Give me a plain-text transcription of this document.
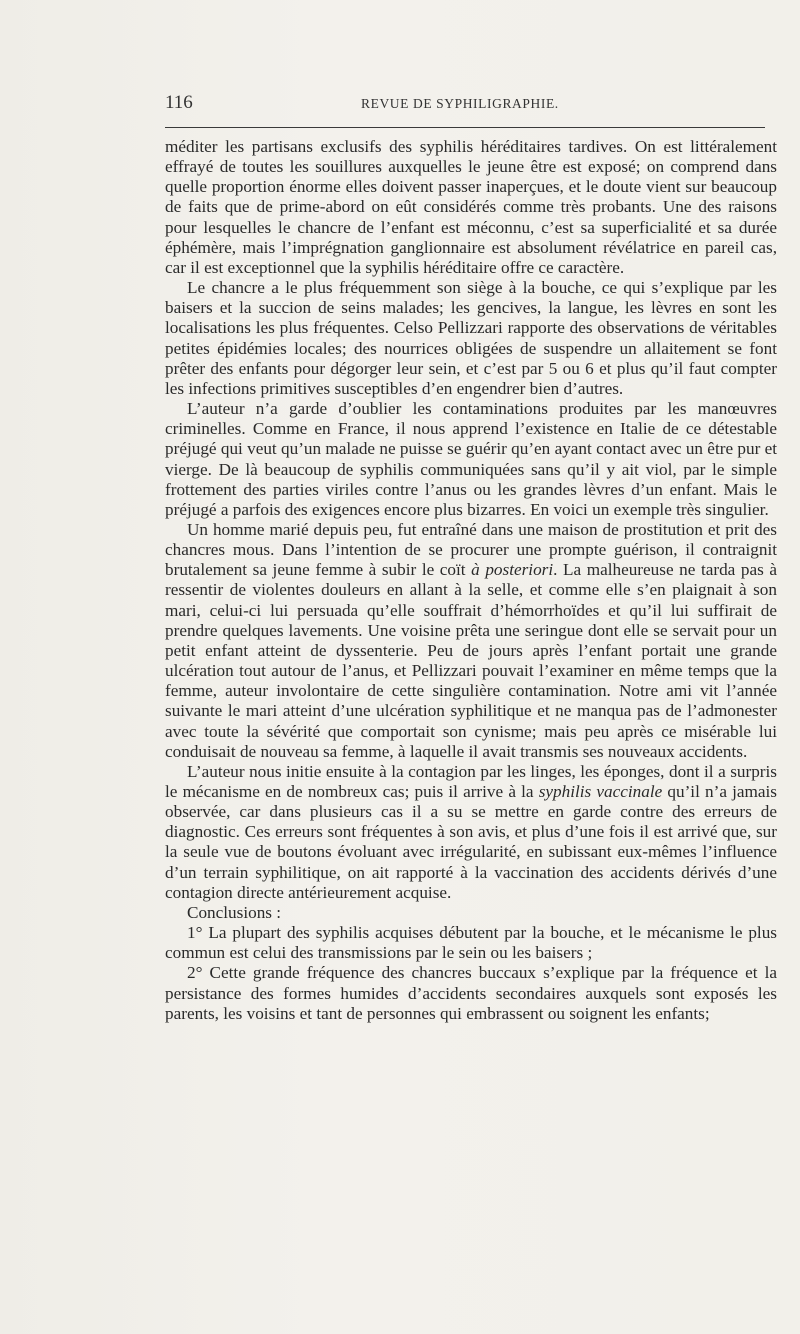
116	REVUE DE SYPHILIGRAPHIE.

méditer les partisans exclusifs des syphilis héréditaires tardives. On est littéralement effrayé de toutes les souillures auxquelles le jeune être est exposé; on comprend dans quelle proportion énorme elles doivent passer inaperçues, et le doute vient sur beaucoup de faits que de prime-abord on eût considérés comme très probants. Une des raisons pour lesquelles le chancre de l’enfant est méconnu, c’est sa superficialité et sa durée éphémère, mais l’imprégnation ganglionnaire est absolument révélatrice en pareil cas, car il est exceptionnel que la syphilis héréditaire offre ce caractère.

Le chancre a le plus fréquemment son siège à la bouche, ce qui s’explique par les baisers et la succion de seins malades; les gencives, la langue, les lèvres en sont les localisations les plus fréquentes. Celso Pellizzari rapporte des observations de véritables petites épidémies locales; des nourrices obligées de suspendre un allaitement se font prêter des enfants pour dégorger leur sein, et c’est par 5 ou 6 et plus qu’il faut compter les infections primitives susceptibles d’en engendrer bien d’autres.

L’auteur n’a garde d’oublier les contaminations produites par les manœuvres criminelles. Comme en France, il nous apprend l’existence en Italie de ce détestable préjugé qui veut qu’un malade ne puisse se guérir qu’en ayant contact avec un être pur et vierge. De là beaucoup de syphilis communiquées sans qu’il y ait viol, par le simple frottement des parties viriles contre l’anus ou les grandes lèvres d’un enfant. Mais le préjugé a parfois des exigences encore plus bizarres. En voici un exemple très singulier.

Un homme marié depuis peu, fut entraîné dans une maison de prostitution et prit des chancres mous. Dans l’intention de se procurer une prompte guérison, il contraignit brutalement sa jeune femme à subir le coït à posteriori. La malheureuse ne tarda pas à ressentir de violentes douleurs en allant à la selle, et comme elle s’en plaignait à son mari, celui-ci lui persuada qu’elle souffrait d’hémorrhoïdes et qu’il lui suffirait de prendre quelques lavements. Une voisine prêta une seringue dont elle se servait pour un petit enfant atteint de dyssenterie. Peu de jours après l’enfant portait une grande ulcération tout autour de l’anus, et Pellizzari pouvait l’examiner en même temps que la femme, auteur involontaire de cette singulière contamination. Notre ami vit l’année suivante le mari atteint d’une ulcération syphilitique et ne manqua pas de l’admonester avec toute la sévérité que comportait son cynisme; mais peu après ce misérable lui conduisait de nouveau sa femme, à laquelle il avait transmis ses nouveaux accidents.

L’auteur nous initie ensuite à la contagion par les linges, les éponges, dont il a surpris le mécanisme en de nombreux cas; puis il arrive à la syphilis vaccinale qu’il n’a jamais observée, car dans plusieurs cas il a su se mettre en garde contre des erreurs de diagnostic. Ces erreurs sont fréquentes à son avis, et plus d’une fois il est arrivé que, sur la seule vue de boutons évoluant avec irrégularité, en subissant eux-mêmes l’influence d’un terrain syphilitique, on ait rapporté à la vaccination des accidents dérivés d’une contagion directe antérieurement acquise.

Conclusions :

1° La plupart des syphilis acquises débutent par la bouche, et le mécanisme le plus commun est celui des transmissions par le sein ou les baisers ;

2° Cette grande fréquence des chancres buccaux s’explique par la fréquence et la persistance des formes humides d’accidents secondaires auxquels sont exposés les parents, les voisins et tant de personnes qui embrassent ou soignent les enfants;
